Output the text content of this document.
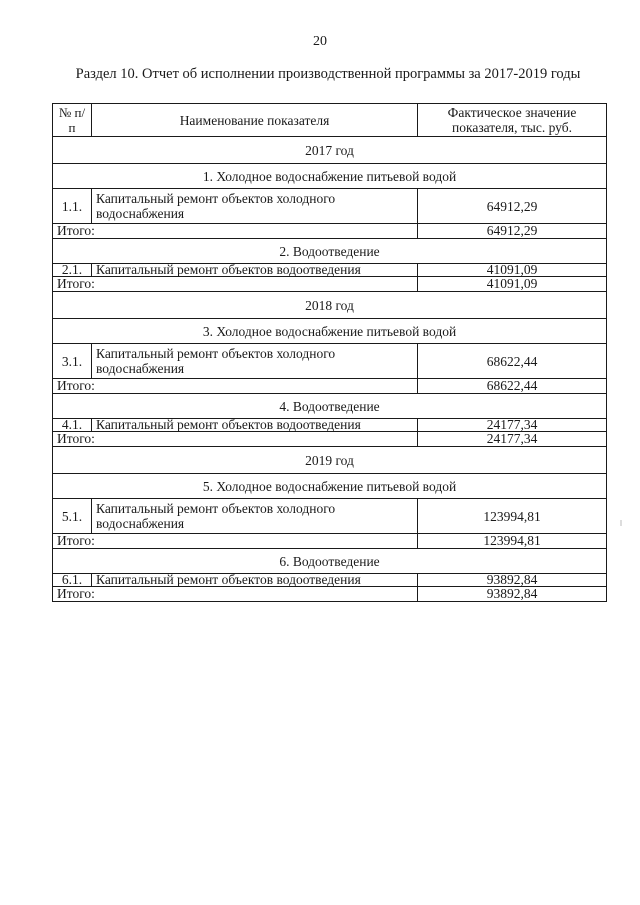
20
Раздел 10. Отчет об исполнении производственной программы за 2017-2019 годы
№ п/п	Наименование показателя	Фактическое значение показателя, тыс. руб.
2017 год		
1. Холодное водоснабжение питьевой водой		
1.1.	Капитальный ремонт объектов холодного водоснабжения	64912,29
Итого:		64912,29
2. Водоотведение		
2.1.	Капитальный ремонт объектов водоотведения	41091,09
Итого:		41091,09
2018 год		
3. Холодное водоснабжение питьевой водой		
3.1.	Капитальный ремонт объектов холодного водоснабжения	68622,44
Итого:		68622,44
4. Водоотведение		
4.1.	Капитальный ремонт объектов водоотведения	24177,34
Итого:		24177,34
2019 год		
5. Холодное водоснабжение питьевой водой		
5.1.	Капитальный ремонт объектов холодного водоснабжения	123994,81
Итого:		123994,81
6. Водоотведение		
6.1.	Капитальный ремонт объектов водоотведения	93892,84
Итого:		93892,84
